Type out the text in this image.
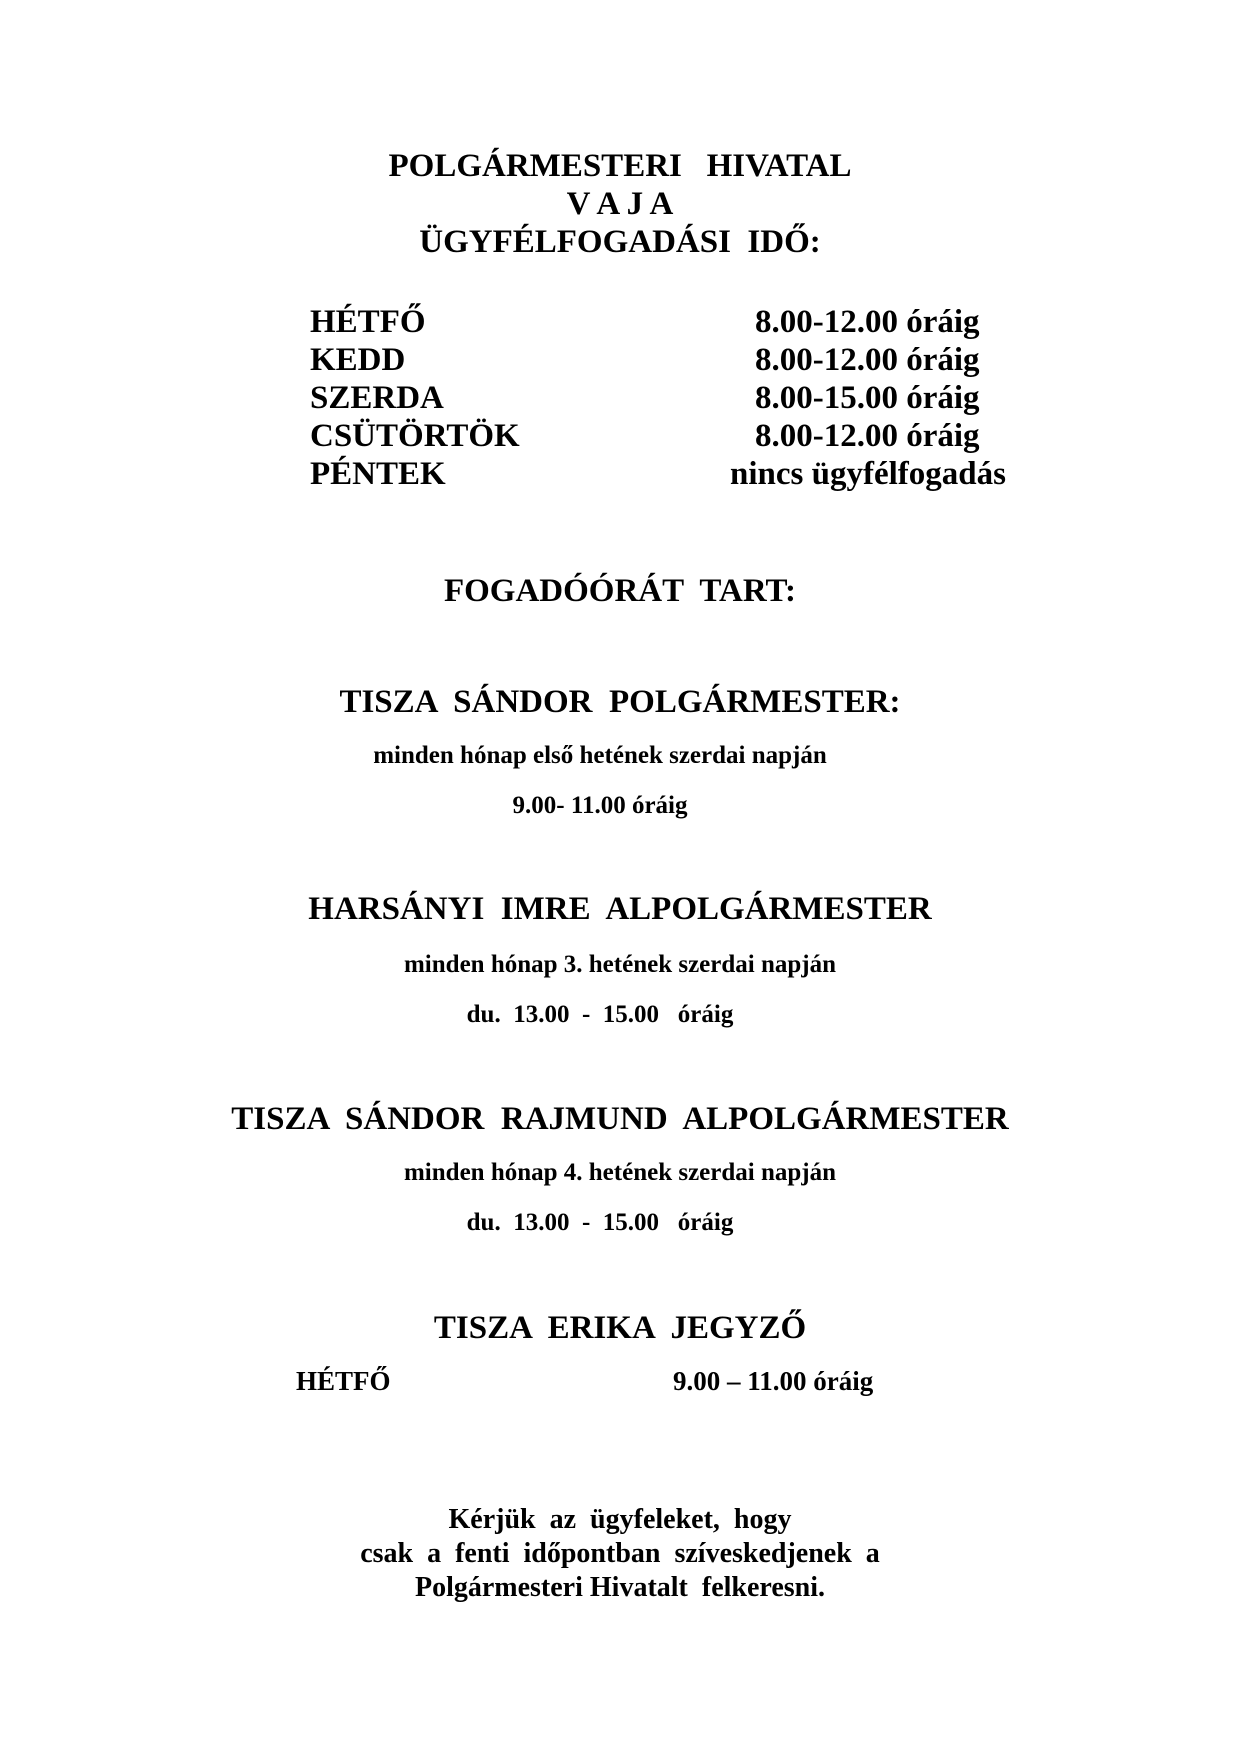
POLGÁRMESTERI   HIVATAL
V A J A
ÜGYFÉLFOGADÁSI  IDŐ:
HÉTFŐ	8.00-12.00 óráig
KEDD	8.00-12.00 óráig
SZERDA	8.00-15.00 óráig
CSÜTÖRTÖK	8.00-12.00 óráig
PÉNTEK	nincs ügyfélfogadás
FOGADÓÓRÁT  TART:
TISZA  SÁNDOR  POLGÁRMESTER:
minden hónap első hetének szerdai napján
9.00- 11.00 óráig
HARSÁNYI  IMRE  ALPOLGÁRMESTER
minden hónap 3. hetének szerdai napján
du.  13.00  -  15.00   óráig
TISZA  SÁNDOR  RAJMUND  ALPOLGÁRMESTER
minden hónap 4. hetének szerdai napján
du.  13.00  -  15.00   óráig
TISZA  ERIKA  JEGYZŐ
HÉTFŐ	9.00 – 11.00 óráig
Kérjük  az  ügyfeleket,  hogy
csak  a  fenti  időpontban  szíveskedjenek  a
Polgármesteri Hivatalt  felkeresni.
